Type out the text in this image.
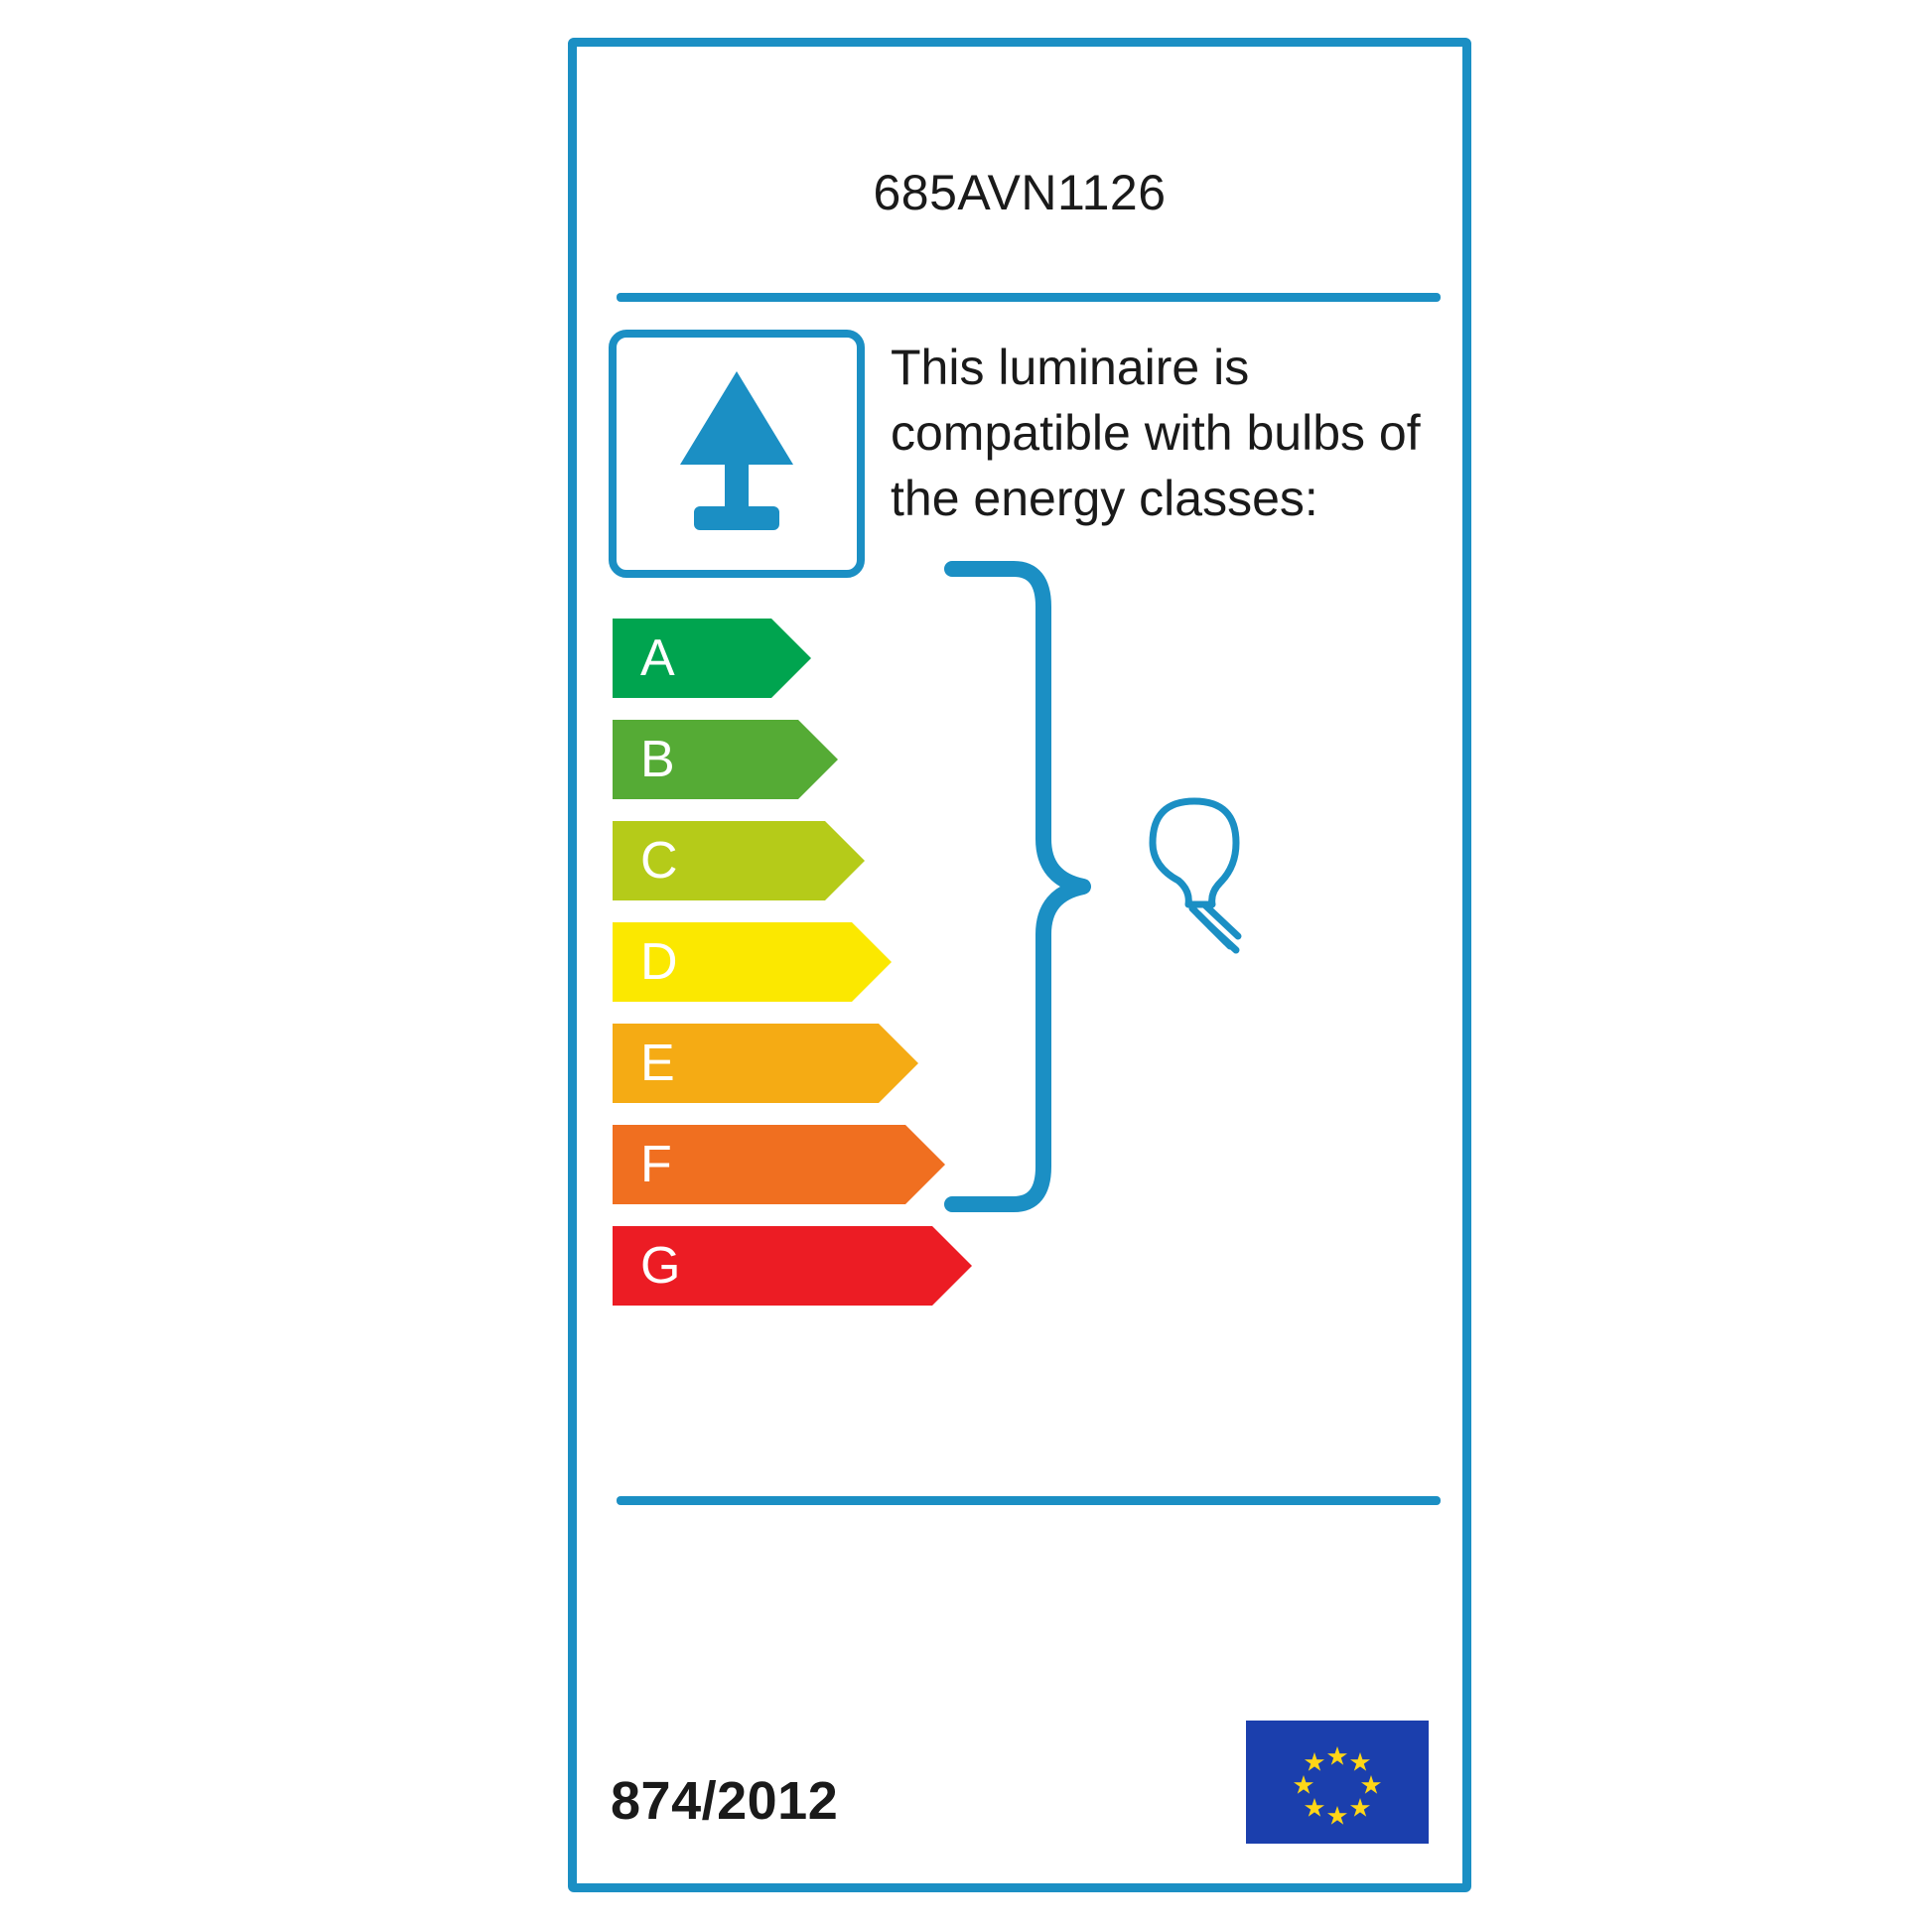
685AVN1126
This luminaire is compatible with bulbs of the energy classes:
A
B
C
D
E
F
G
874/2012
